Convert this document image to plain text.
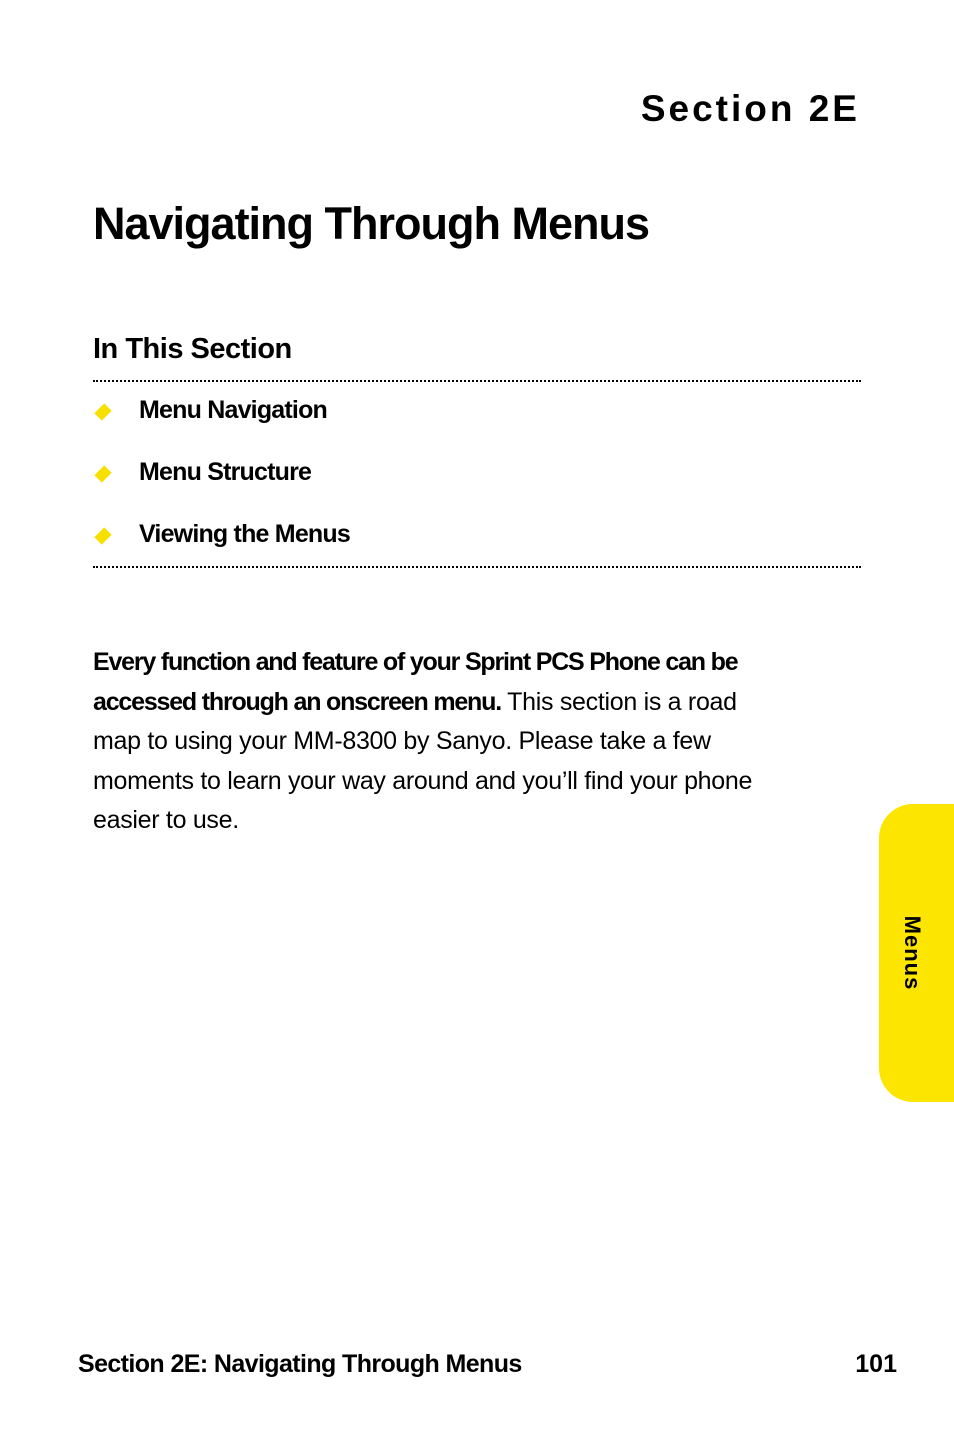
Section 2E
Navigating Through Menus
In This Section
Menu Navigation
Menu Structure
Viewing the Menus

Every function and feature of your Sprint PCS Phone can be accessed through an onscreen menu. This section is a road map to using your MM-8300 by Sanyo. Please take a few moments to learn your way around and you’ll find your phone easier to use.

Menus
Section 2E: Navigating Through Menus	101
